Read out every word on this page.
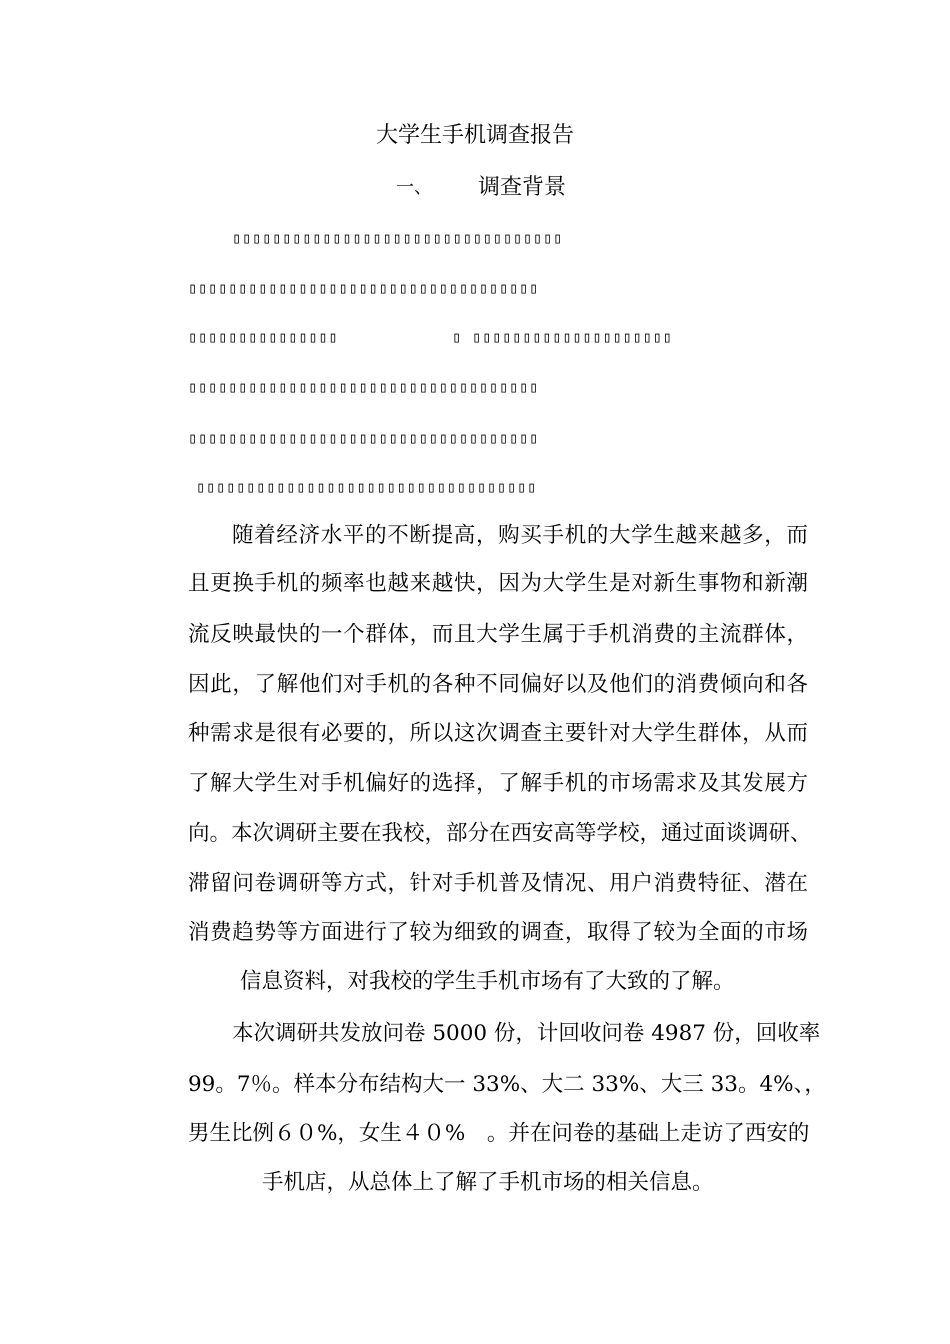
大学生手机调查报告
一、 调查背景
▯▯▯▯▯▯▯▯▯▯▯▯▯▯▯▯▯▯▯▯▯▯▯▯▯▯▯▯▯▯▯▯▯
▯▯▯▯▯▯▯▯▯▯▯▯▯▯▯▯▯▯▯▯▯▯▯▯▯▯▯▯▯▯▯▯▯▯▯
▯▯▯▯▯▯▯▯▯▯▯▯▯▯▯	▯ ▯▯▯▯▯▯▯▯▯▯▯▯▯▯▯▯▯▯▯▯
▯▯▯▯▯▯▯▯▯▯▯▯▯▯▯▯▯▯▯▯▯▯▯▯▯▯▯▯▯▯▯▯▯▯▯
▯▯▯▯▯▯▯▯▯▯▯▯▯▯▯▯▯▯▯▯▯▯▯▯▯▯▯▯▯▯▯▯▯▯▯
▯▯▯▯▯▯▯▯▯▯▯▯▯▯▯▯▯▯▯▯▯▯▯▯▯▯▯▯▯▯▯▯▯▯
随着经济水平的不断提高，购买手机的大学生越来越多，而
且更换手机的频率也越来越快，因为大学生是对新生事物和新潮
流反映最快的一个群体，而且大学生属于手机消费的主流群体，
因此，了解他们对手机的各种不同偏好以及他们的消费倾向和各
种需求是很有必要的，所以这次调查主要针对大学生群体，从而
了解大学生对手机偏好的选择，了解手机的市场需求及其发展方
向。本次调研主要在我校，部分在西安高等学校，通过面谈调研、
滞留问卷调研等方式，针对手机普及情况、用户消费特征、潜在
消费趋势等方面进行了较为细致的调查，取得了较为全面的市场
信息资料，对我校的学生手机市场有了大致的了解。
本次调研共发放问卷 5000 份，计回收问卷 4987 份，回收率
99。7％。样本分布结构大一 33%、大二 33%、大三 33。4%、，
男生比例６０%，女生４０%　。并在问卷的基础上走访了西安的
手机店，从总体上了解了手机市场的相关信息。
